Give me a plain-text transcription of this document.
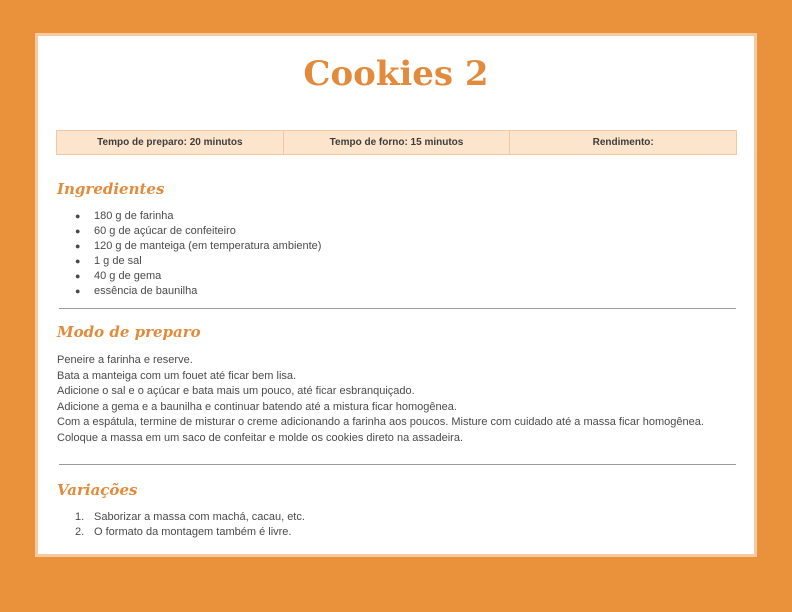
Cookies 2
Tempo de preparo: 20 minutos	Tempo de forno: 15 minutos	Rendimento:
Ingredientes
●	180 g de farinha
●	60 g de açúcar de confeiteiro
●	120 g de manteiga (em temperatura ambiente)
●	1 g de sal
●	40 g de gema
●	essência de baunilha
Modo de preparo
Peneire a farinha e reserve.
Bata a manteiga com um fouet até ficar bem lisa.
Adicione o sal e o açúcar e bata mais um pouco, até ficar esbranquiçado.
Adicione a gema e a baunilha e continuar batendo até a mistura ficar homogênea.
Com a espátula, termine de misturar o creme adicionando a farinha aos poucos. Misture com cuidado até a massa ficar homogênea.
Coloque a massa em um saco de confeitar e molde os cookies direto na assadeira.
Variações
1. Saborizar a massa com machá, cacau, etc.
2. O formato da montagem também é livre.
